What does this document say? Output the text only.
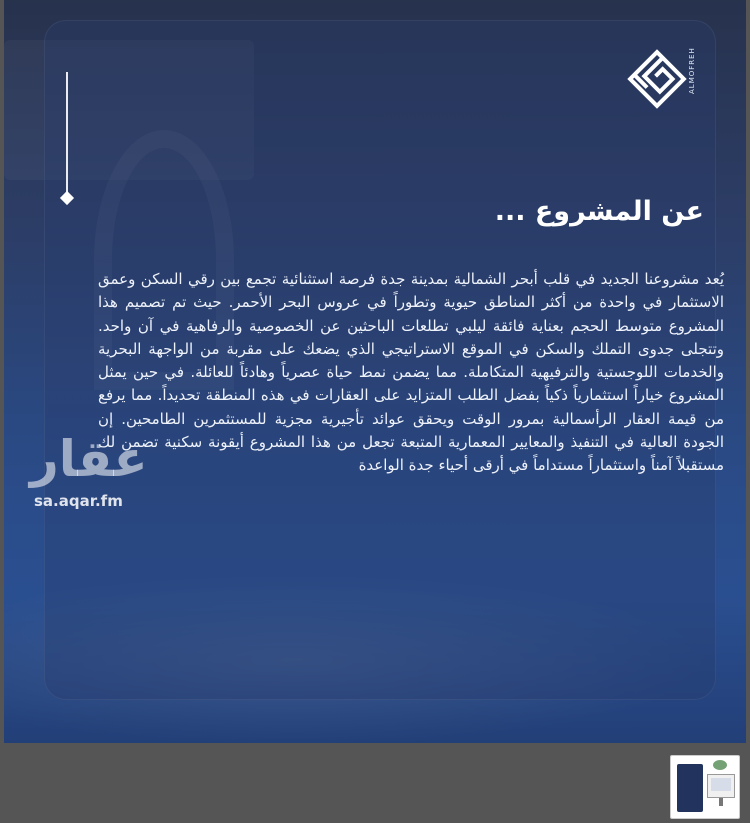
ALMOFREH
عن المشروع ...

يُعد مشروعنا الجديد في قلب أبحر الشمالية بمدينة جدة فرصة استثنائية تجمع بين رقي السكن وعمق الاستثمار في واحدة من أكثر المناطق حيوية وتطوراً في عروس البحر الأحمر. حيث تم تصميم هذا المشروع متوسط الحجم بعناية فائقة ليلبي تطلعات الباحثين عن الخصوصية والرفاهية في آن واحد. وتتجلى جدوى التملك والسكن في الموقع الاستراتيجي الذي يضعك على مقربة من الواجهة البحرية والخدمات اللوجستية والترفيهية المتكاملة. مما يضمن نمط حياة عصرياً وهادئاً للعائلة. في حين يمثل المشروع خياراً استثمارياً ذكياً بفضل الطلب المتزايد على العقارات في هذه المنطقة تحديداً. مما يرفع من قيمة العقار الرأسمالية بمرور الوقت ويحقق عوائد تأجيرية مجزية للمستثمرين الطامحين. إن الجودة العالية في التنفيذ والمعايير المعمارية المتبعة تجعل من هذا المشروع أيقونة سكنية تضمن لك مستقبلاً آمناً واستثماراً مستداماً في أرقى أحياء جدة الواعدة

عقار
sa.aqar.fm
